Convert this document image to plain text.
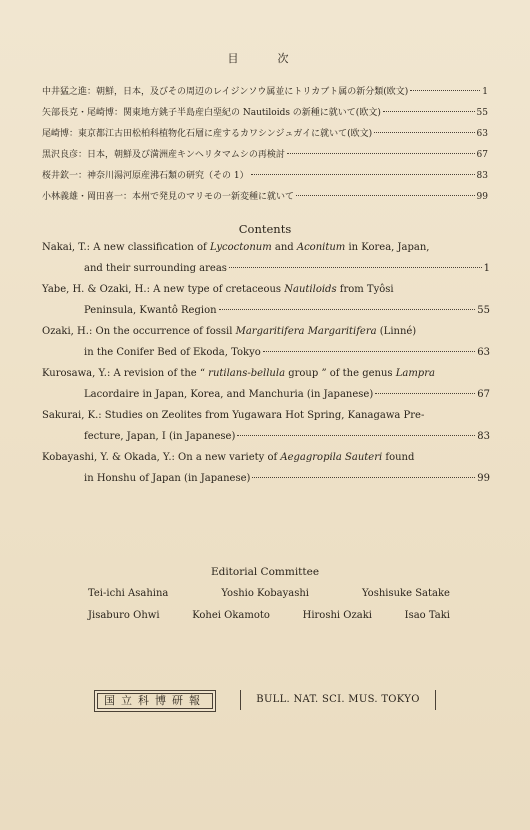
目　次
中井猛之進：朝鮮，日本，及びその周辺のレイジンソウ属並にトリカブト属の新分類(欧文)	1
矢部長克・尾崎博：関東地方銚子半島産白堊紀の Nautiloids の新種に就いて(欧文)	55
尾崎博：東京都江古田松柏科植物化石層に産するカワシンジュガイに就いて(欧文)	63
黒沢良彦：日本，朝鮮及び満洲産キンヘリタマムシの再検討	67
桜井欽一：神奈川湯河原産沸石類の研究（その 1）	83
小林義雄・岡田喜一：本州で発見のマリモの一新変種に就いて	99
Contents
Nakai, T.: A new classification of Lycoctonum and Aconitum in Korea, Japan,
and their surrounding areas	1
Yabe, H. & Ozaki, H.: A new type of cretaceous Nautiloids from Tyôsi
Peninsula, Kwantô Region	55
Ozaki, H.: On the occurrence of fossil Margaritifera Margaritifera (Linné)
in the Conifer Bed of Ekoda, Tokyo	63
Kurosawa, Y.: A revision of the “ rutilans-bellula group ” of the genus Lampra
Lacordaire in Japan, Korea, and Manchuria (in Japanese)	67
Sakurai, K.: Studies on Zeolites from Yugawara Hot Spring, Kanagawa Pre-
fecture, Japan, I (in Japanese)	83
Kobayashi, Y. & Okada, Y.: On a new variety of Aegagropila Sauteri found
in Honshu of Japan (in Japanese)	99
Editorial Committee
Tei-ichi Asahina	Yoshio Kobayashi	Yoshisuke Satake
Jisaburo Ohwi	Kohei Okamoto	Hiroshi Ozaki	Isao Taki
国立科博研報	BULL. NAT. SCI. MUS. TOKYO
